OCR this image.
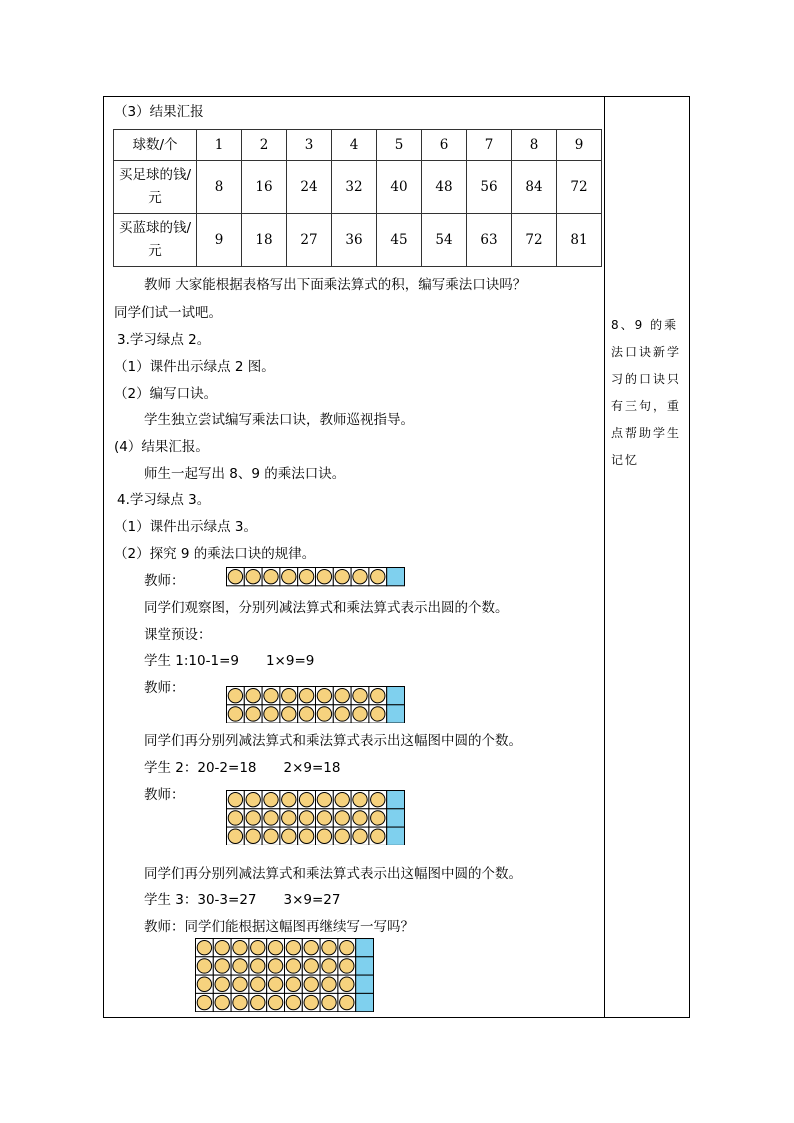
（3）结果汇报
球数/个	1	2	3	4	5	6	7	8	9
买足球的钱/元	8	16	24	32	40	48	56	84	72
买蓝球的钱/元	9	18	27	36	45	54	63	72	81
教师 大家能根据表格写出下面乘法算式的积，编写乘法口诀吗？
同学们试一试吧。
3.学习绿点 2。
（1）课件出示绿点 2 图。
（2）编写口诀。
学生独立尝试编写乘法口诀，教师巡视指导。
(4）结果汇报。
师生一起写出 8、9 的乘法口诀。
4.学习绿点 3。
（1）课件出示绿点 3。
（2）探究 9 的乘法口诀的规律。
教师：
同学们观察图，分别列减法算式和乘法算式表示出圆的个数。
课堂预设：
学生 1:10-1=9　　1×9=9
教师：
同学们再分别列减法算式和乘法算式表示出这幅图中圆的个数。
学生 2：20-2=18　　2×9=18
教师：
同学们再分别列减法算式和乘法算式表示出这幅图中圆的个数。
学生 3：30-3=27　　3×9=27
教师：同学们能根据这幅图再继续写一写吗？
8、9 的乘法口诀新学习的口诀只有三句，重点帮助学生记忆
